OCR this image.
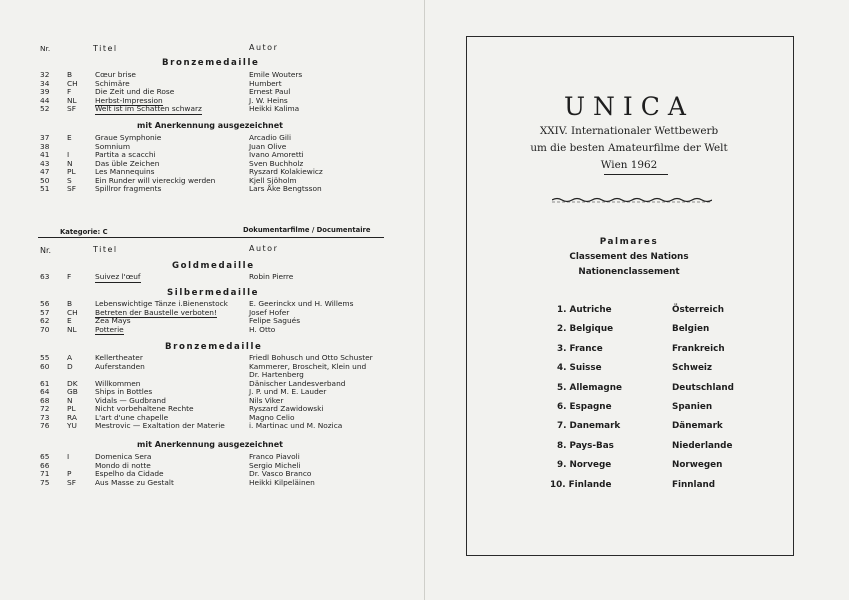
Nr.	Titel	Autor
Bronzemedaille
32 B	Cœur brise	Emile Wouters
34 CH Schimäre	Humbert
39 F	Die Zeit und die Rose	Ernest Paul
44 NL Herbst-Impression	J. W. Heins
52 SF	Welt ist im Schatten schwarz	Heikki Kalima
mit Anerkennung ausgezeichnet
37 E	Graue Symphonie	Arcadio Gili
38	Somnium	Juan Olive
41 I	Partita a scacchi	Ivano Amoretti
43 N	Das üble Zeichen	Sven Buchholz
47 PL	Les Mannequins	Ryszard Kolakiewicz
50 S	Ein Runder will viereckig werden	Kjell Sjöholm
51 SF	Spillror fragments	Lars Åke Bengtsson
Kategorie: C	Dokumentarfilme / Documentaire
Nr.	Titel	Autor
Goldmedaille
63 F	Suivez l'œuf	Robin Pierre
Silbermedaille
56 B	Lebenswichtige Tänze i.Bienenstock	E. Geerinckx und H. Willems
57 CH Betreten der Baustelle verboten!	Josef Hofer
62 E	Zea Mays	Felipe Sagués
70 NL Potterie	H. Otto
Bronzemedaille
55 A	Kellertheater	Friedl Bohusch und Otto Schuster
60 D	Auferstanden	Kammerer, Broscheit, Klein und
Dr. Hartenberg
61 DK Willkommen	Dänischer Landesverband
64 GB Ships in Bottles	J. P. und M. E. Lauder
68 N	Vidals — Gudbrand	Nils Viker
72 PL	Nicht vorbehaltene Rechte	Ryszard Zawidowski
73 RA L'art d'une chapelle	Magno Celio
76 YU Mestrovic — Exaltation der Materie	i. Martinac und M. Nozica
mit Anerkennung ausgezeichnet
65 I	Domenica Sera	Franco Piavoli
66	Mondo di notte	Sergio Micheli
71 P	Espelho da Cidade	Dr. Vasco Branco
75 SF	Aus Masse zu Gestalt	Heikki Kilpeläinen
UNICA
XXIV. Internationaler Wettbewerb
um die besten Amateurfilme der Welt
Wien 1962
Palmares
Classement des Nations
Nationenclassement
1. Autriche	Österreich
2. Belgique	Belgien
3. France	Frankreich
4. Suisse	Schweiz
5. Allemagne	Deutschland
6. Espagne	Spanien
7. Danemark	Dänemark
8. Pays-Bas	Niederlande
9. Norvege	Norwegen
10. Finlande	Finnland
